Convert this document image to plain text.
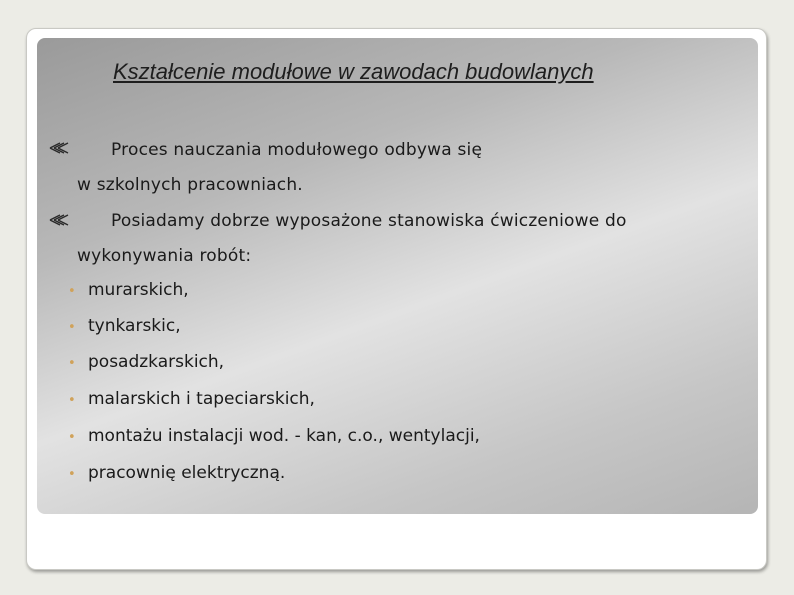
Kształcenie modułowe w zawodach budowlanych
Proces nauczania modułowego odbywa się
w szkolnych pracowniach.
Posiadamy dobrze wyposażone stanowiska ćwiczeniowe do
wykonywania robót:
• murarskich,
• tynkarskic,
• posadzkarskich,
• malarskich i tapeciarskich,
• montażu instalacji wod. - kan, c.o., wentylacji,
• pracownię elektryczną.
